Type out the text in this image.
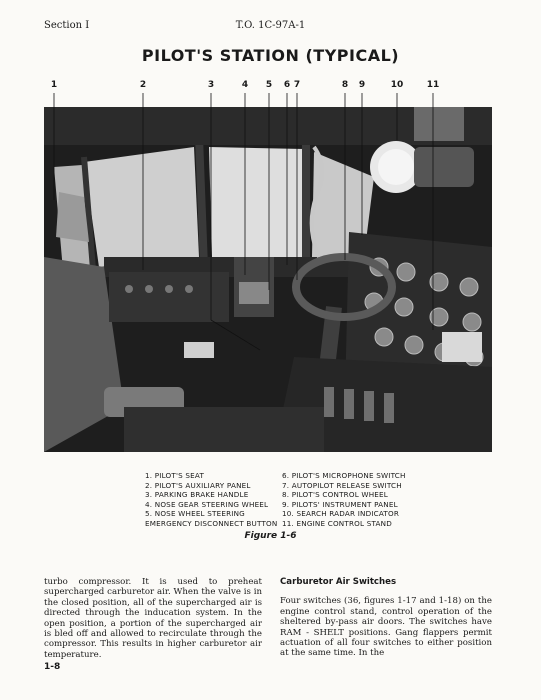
Section I	T.O. 1C-97A-1
PILOT'S STATION (TYPICAL)
1	2	3	4 5 6 7	8 9	10	11
1. PILOT'S SEAT
2. PILOT'S AUXILIARY PANEL
3. PARKING BRAKE HANDLE
4. NOSE GEAR STEERING WHEEL
5. NOSE WHEEL STEERING
EMERGENCY DISCONNECT BUTTON
6. PILOT'S MICROPHONE SWITCH
7. AUTOPILOT RELEASE SWITCH
8. PILOT'S CONTROL WHEEL
9. PILOTS' INSTRUMENT PANEL
10. SEARCH RADAR INDICATOR
11. ENGINE CONTROL STAND
Figure 1-6
turbo compressor. It is used to preheat supercharged carburetor air. When the valve is in the closed position, all of the supercharged air is directed through the inducation system. In the open position, a portion of the supercharged air is bled off and allowed to recirculate through the compressor. This results in higher carburetor air temperature.
Carburetor Air Switches
Four switches (36, figures 1-17 and 1-18) on the engine control stand, control operation of the sheltered by-pass air doors. The switches have RAM - SHELT positions. Gang flappers permit actuation of all four switches to either position at the same time. In the
1-8
